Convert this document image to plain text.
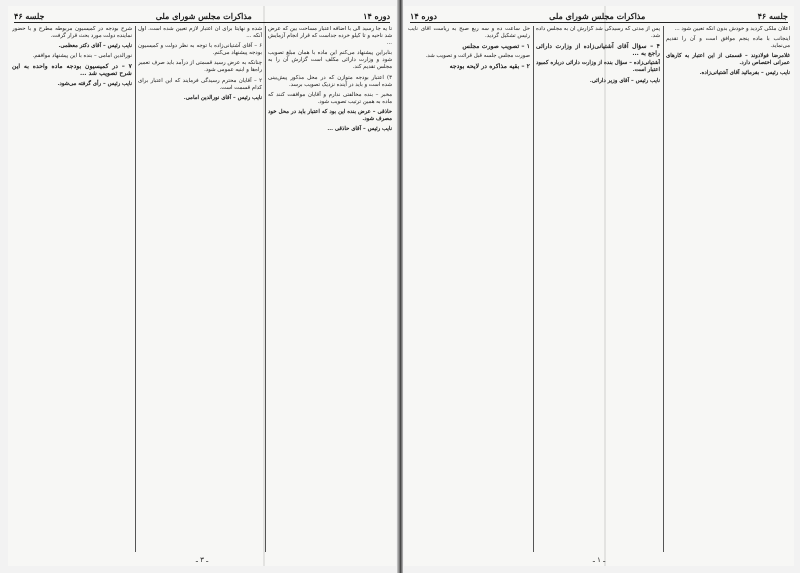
دوره ۱۴
مذاکرات مجلس شورای ملی
جلسه ۴۶

تا یه جا رسید الی با اضافه اعتبار مساحت بین که عرض شد ناحیه و تا کیلو خرده جداست که قرار انجام آزمایش ...

بنابراین پیشنهاد می‌کنم این ماده با همان مبلغ تصویب شود و وزارت دارائی مکلف است گزارش آن را به مجلس تقدیم کند.

۳) اعتبار بودجه متوازن که در محل مذکور پیش‌بینی شده است و باید در آینده نزدیک تصویب برسد.

مخبر – بنده مخالفتی ندارم و آقایان موافقت کنند که ماده به همین ترتیب تصویب شود.

حاذقی – عرض بنده این بود که اعتبار باید در محل خود مصرف شود.

نایب رئیس – آقای حاذقی ...

شده و نهایتاً برای آن اعتبار لازم تعیین شده است. اول آنکه ...

۶ – آقای آشتیانی‌زاده با توجه به نظر دولت و کمیسیون بودجه پیشنهاد می‌کنم.

چنانکه به عرض رسید قسمتی از درآمد باید صرف تعمیر راه‌ها و ابنیه عمومی شود.

۲ – آقایان محترم رسیدگی فرمایند که این اعتبار برای کدام قسمت است.

نایب رئیس – آقای نورالدین امامی.

شرح بودجه در کمیسیون مربوطه مطرح و با حضور نماینده دولت مورد بحث قرار گرفت.

نایب رئیس – آقای دکتر معظمی.

نورالدین امامی – بنده با این پیشنهاد موافقم.

۷ – در کمیسیون بودجه ماده واحده به این شرح تصویب شد ...

نایب رئیس – رأی گرفته می‌شود.

ـ ۳ ـ
جلسه ۴۶
مذاکرات مجلس شورای ملی
دوره ۱۴

اعلان ملکی گردید و خودش بدون آنکه تعیین شود ...

اینجانب با ماده پنجم موافق است و آن را تقدیم می‌نماید.

غلامرضا فولادوند – قسمتی از این اعتبار به کارهای عمرانی اختصاص دارد.

نایب رئیس – بفرمائید آقای آشتیانی‌زاده.

پس از مدتی که رسیدگی شد گزارش آن به مجلس داده شد.

۴ – سؤال آقای آشتیانی‌زاده از وزارت دارائی راجع به ...

آشتیانی‌زاده – سؤال بنده از وزارت دارائی درباره کمبود اعتبار است.

نایب رئیس – آقای وزیر دارائی.

حل ساعت ده و سه ربع صبح به ریاست آقای نایب رئیس تشکیل گردید.

۱ – تصویب صورت مجلس

صورت مجلس جلسه قبل قرائت و تصویب شد.

۲ – بقیه مذاکره در لایحه بودجه

ـ ۱ ـ
